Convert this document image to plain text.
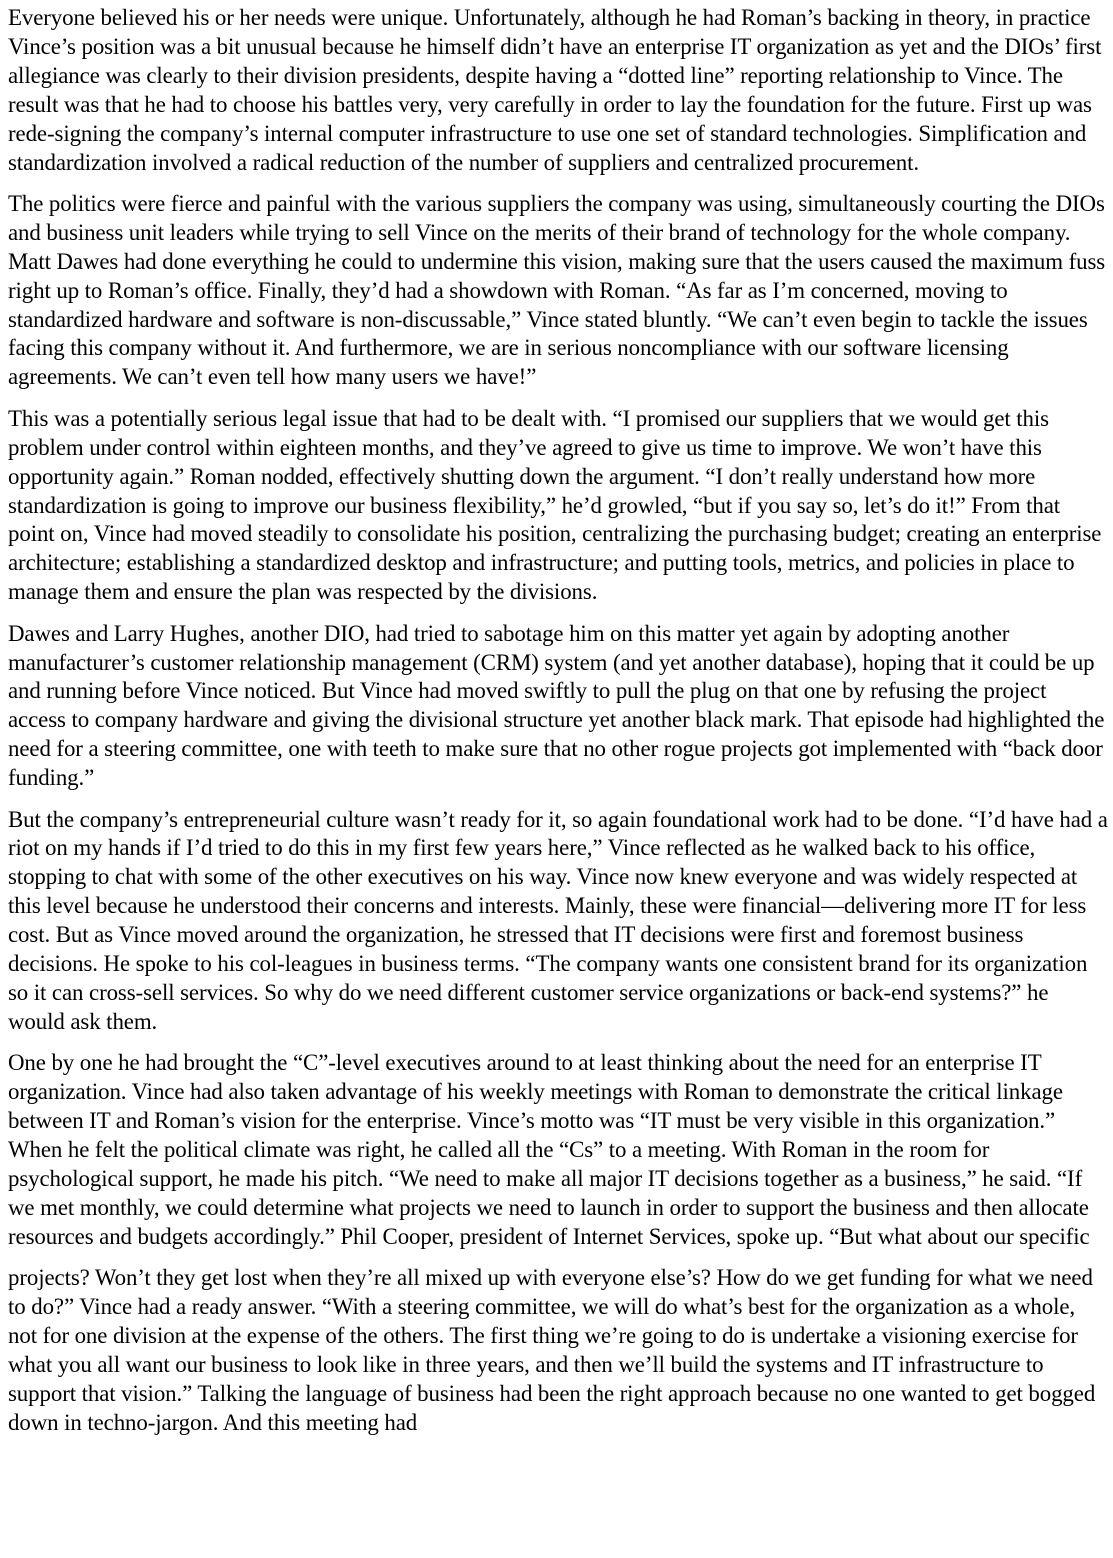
Everyone believed his or her needs were unique. Unfortunately, although he had Roman’s backing in theory, in practice Vince’s position was a bit unusual because he himself didn’t have an enterprise IT organization as yet and the DIOs’ first allegiance was clearly to their division presidents, despite having a “dotted line” reporting relationship to Vince. The result was that he had to choose his battles very, very carefully in order to lay the foundation for the future. First up was rede-signing the company’s internal computer infrastructure to use one set of standard technologies. Simplification and standardization involved a radical reduction of the number of suppliers and centralized procurement.

The politics were fierce and painful with the various suppliers the company was using, simultaneously courting the DIOs and business unit leaders while trying to sell Vince on the merits of their brand of technology for the whole company. Matt Dawes had done everything he could to undermine this vision, making sure that the users caused the maximum fuss right up to Roman’s office. Finally, they’d had a showdown with Roman. “As far as I’m concerned, moving to standardized hardware and software is non-discussable,” Vince stated bluntly. “We can’t even begin to tackle the issues facing this company without it. And furthermore, we are in serious noncompliance with our software licensing agreements. We can’t even tell how many users we have!”

This was a potentially serious legal issue that had to be dealt with. “I promised our suppliers that we would get this problem under control within eighteen months, and they’ve agreed to give us time to improve. We won’t have this opportunity again.” Roman nodded, effectively shutting down the argument. “I don’t really understand how more standardization is going to improve our business flexibility,” he’d growled, “but if you say so, let’s do it!” From that point on, Vince had moved steadily to consolidate his position, centralizing the purchasing budget; creating an enterprise architecture; establishing a standardized desktop and infrastructure; and putting tools, metrics, and policies in place to manage them and ensure the plan was respected by the divisions.

Dawes and Larry Hughes, another DIO, had tried to sabotage him on this matter yet again by adopting another manufacturer’s customer relationship management (CRM) system (and yet another database), hoping that it could be up and running before Vince noticed. But Vince had moved swiftly to pull the plug on that one by refusing the project access to company hardware and giving the divisional structure yet another black mark. That episode had highlighted the need for a steering committee, one with teeth to make sure that no other rogue projects got implemented with “back door funding.”

But the company’s entrepreneurial culture wasn’t ready for it, so again foundational work had to be done. “I’d have had a riot on my hands if I’d tried to do this in my first few years here,” Vince reflected as he walked back to his office, stopping to chat with some of the other executives on his way. Vince now knew everyone and was widely respected at this level because he understood their concerns and interests. Mainly, these were financial—delivering more IT for less cost. But as Vince moved around the organization, he stressed that IT decisions were first and foremost business decisions. He spoke to his col-leagues in business terms. “The company wants one consistent brand for its organization so it can cross-sell services. So why do we need different customer service organizations or back-end systems?” he would ask them.

One by one he had brought the “C”-level executives around to at least thinking about the need for an enterprise IT organization. Vince had also taken advantage of his weekly meetings with Roman to demonstrate the critical linkage between IT and Roman’s vision for the enterprise. Vince’s motto was “IT must be very visible in this organization.” When he felt the political climate was right, he called all the “Cs” to a meeting. With Roman in the room for psychological support, he made his pitch. “We need to make all major IT decisions together as a business,” he said. “If we met monthly, we could determine what projects we need to launch in order to support the business and then allocate resources and budgets accordingly.” Phil Cooper, president of Internet Services, spoke up. “But what about our specific

projects? Won’t they get lost when they’re all mixed up with everyone else’s? How do we get funding for what we need to do?” Vince had a ready answer. “With a steering committee, we will do what’s best for the organization as a whole, not for one division at the expense of the others. The first thing we’re going to do is undertake a visioning exercise for what you all want our business to look like in three years, and then we’ll build the systems and IT infrastructure to support that vision.” Talking the language of business had been the right approach because no one wanted to get bogged down in techno-jargon. And this meeting had
